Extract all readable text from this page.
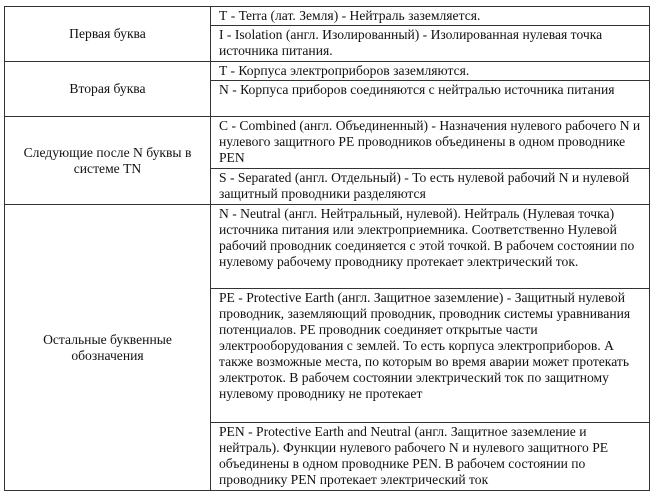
Первая буква	Т - Terra (лат. Земля) - Нейтраль заземляется.
	I - Isolation (англ. Изолированный) - Изолированная нулевая точка источника питания.
Вторая буква	T - Корпуса электроприборов заземляются.
	N - Корпуса приборов соединяются с нейтралью источника питания
Следующие после N буквы в системе TN	C - Combined (англ. Объединенный) - Назначения нулевого рабочего N и нулевого защитного PE проводников объединены в одном проводнике PEN
	S - Separated (англ. Отдельный) - То есть нулевой рабочий N и нулевой защитный проводники разделяются
Остальные буквенные обозначения	N - Neutral (англ. Нейтральный, нулевой). Нейтраль (Нулевая точка) источника питания или электроприемника. Соответственно Нулевой рабочий проводник соединяется с этой точкой. В рабочем состоянии по нулевому рабочему проводнику протекает электрический ток.
	PE - Protective Earth (англ. Защитное заземление) - Защитный нулевой проводник, заземляющий проводник, проводник системы уравнивания потенциалов. PE проводник соединяет открытые части электрооборудования с землей. То есть корпуса электроприборов. А также возможные места, по которым во время аварии может протекать электроток. В рабочем состоянии электрический ток по защитному нулевому проводнику не протекает
	PEN - Protective Earth and Neutral (англ. Защитное заземление и нейтраль). Функции нулевого рабочего N и нулевого защитного PE объединены в одном проводнике PEN. В рабочем состоянии по проводнику PEN протекает электрический ток
